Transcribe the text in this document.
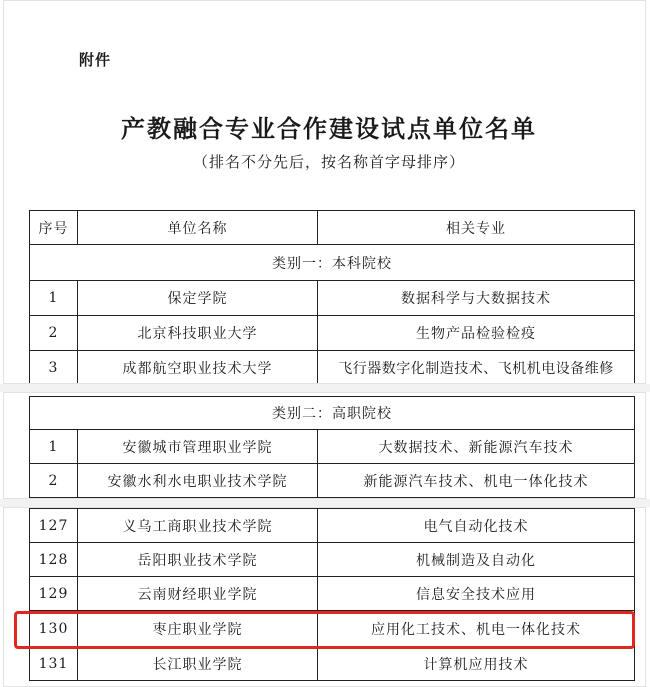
附件
产教融合专业合作建设试点单位名单
（排名不分先后，按名称首字母排序）
序号	单位名称	相关专业
类别一：本科院校		
1	保定学院	数据科学与大数据技术
2	北京科技职业大学	生物产品检验检疫
3	成都航空职业技术大学	飞行器数字化制造技术、飞机机电设备维修
类别二：高职院校		
1	安徽城市管理职业学院	大数据技术、新能源汽车技术
2	安徽水利水电职业技术学院	新能源汽车技术、机电一体化技术
127	义乌工商职业技术学院	电气自动化技术
128	岳阳职业技术学院	机械制造及自动化
129	云南财经职业学院	信息安全技术应用
130	枣庄职业学院	应用化工技术、机电一体化技术
131	长江职业学院	计算机应用技术
